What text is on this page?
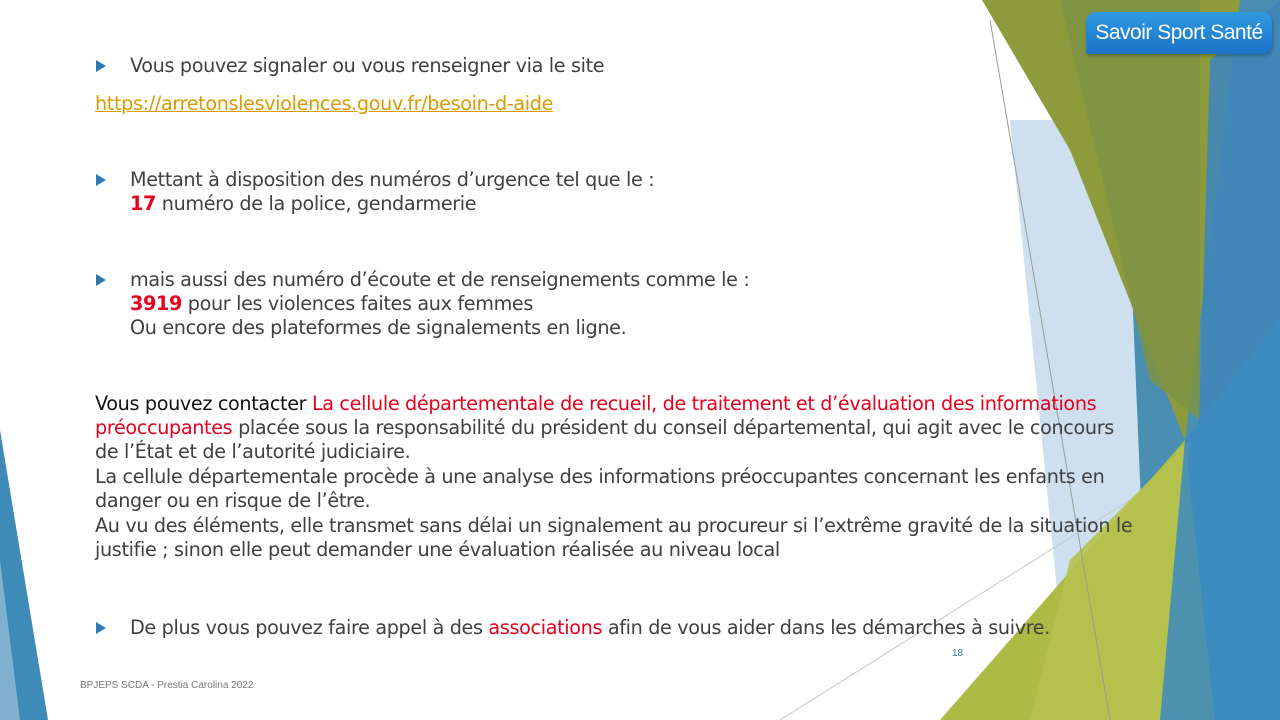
Savoir Sport Santé
Vous pouvez signaler ou vous renseigner via le site
https://arretonslesviolences.gouv.fr/besoin-d-aide
Mettant à disposition des numéros d’urgence tel que le :
17 numéro de la police, gendarmerie
mais aussi des numéro d’écoute et de renseignements comme le :
3919 pour les violences faites aux femmes
Ou encore des plateformes de signalements en ligne.
Vous pouvez contacter La cellule départementale de recueil, de traitement et d’évaluation des informations
préoccupantes placée sous la responsabilité du président du conseil départemental, qui agit avec le concours
de l’État et de l’autorité judiciaire.
La cellule départementale procède à une analyse des informations préoccupantes concernant les enfants en
danger ou en risque de l’être.
Au vu des éléments, elle transmet sans délai un signalement au procureur si l’extrême gravité de la situation le
justifie ; sinon elle peut demander une évaluation réalisée au niveau local
De plus vous pouvez faire appel à des associations afin de vous aider dans les démarches à suivre.
18
BPJEPS SCDA - Prestia Carolina 2022
